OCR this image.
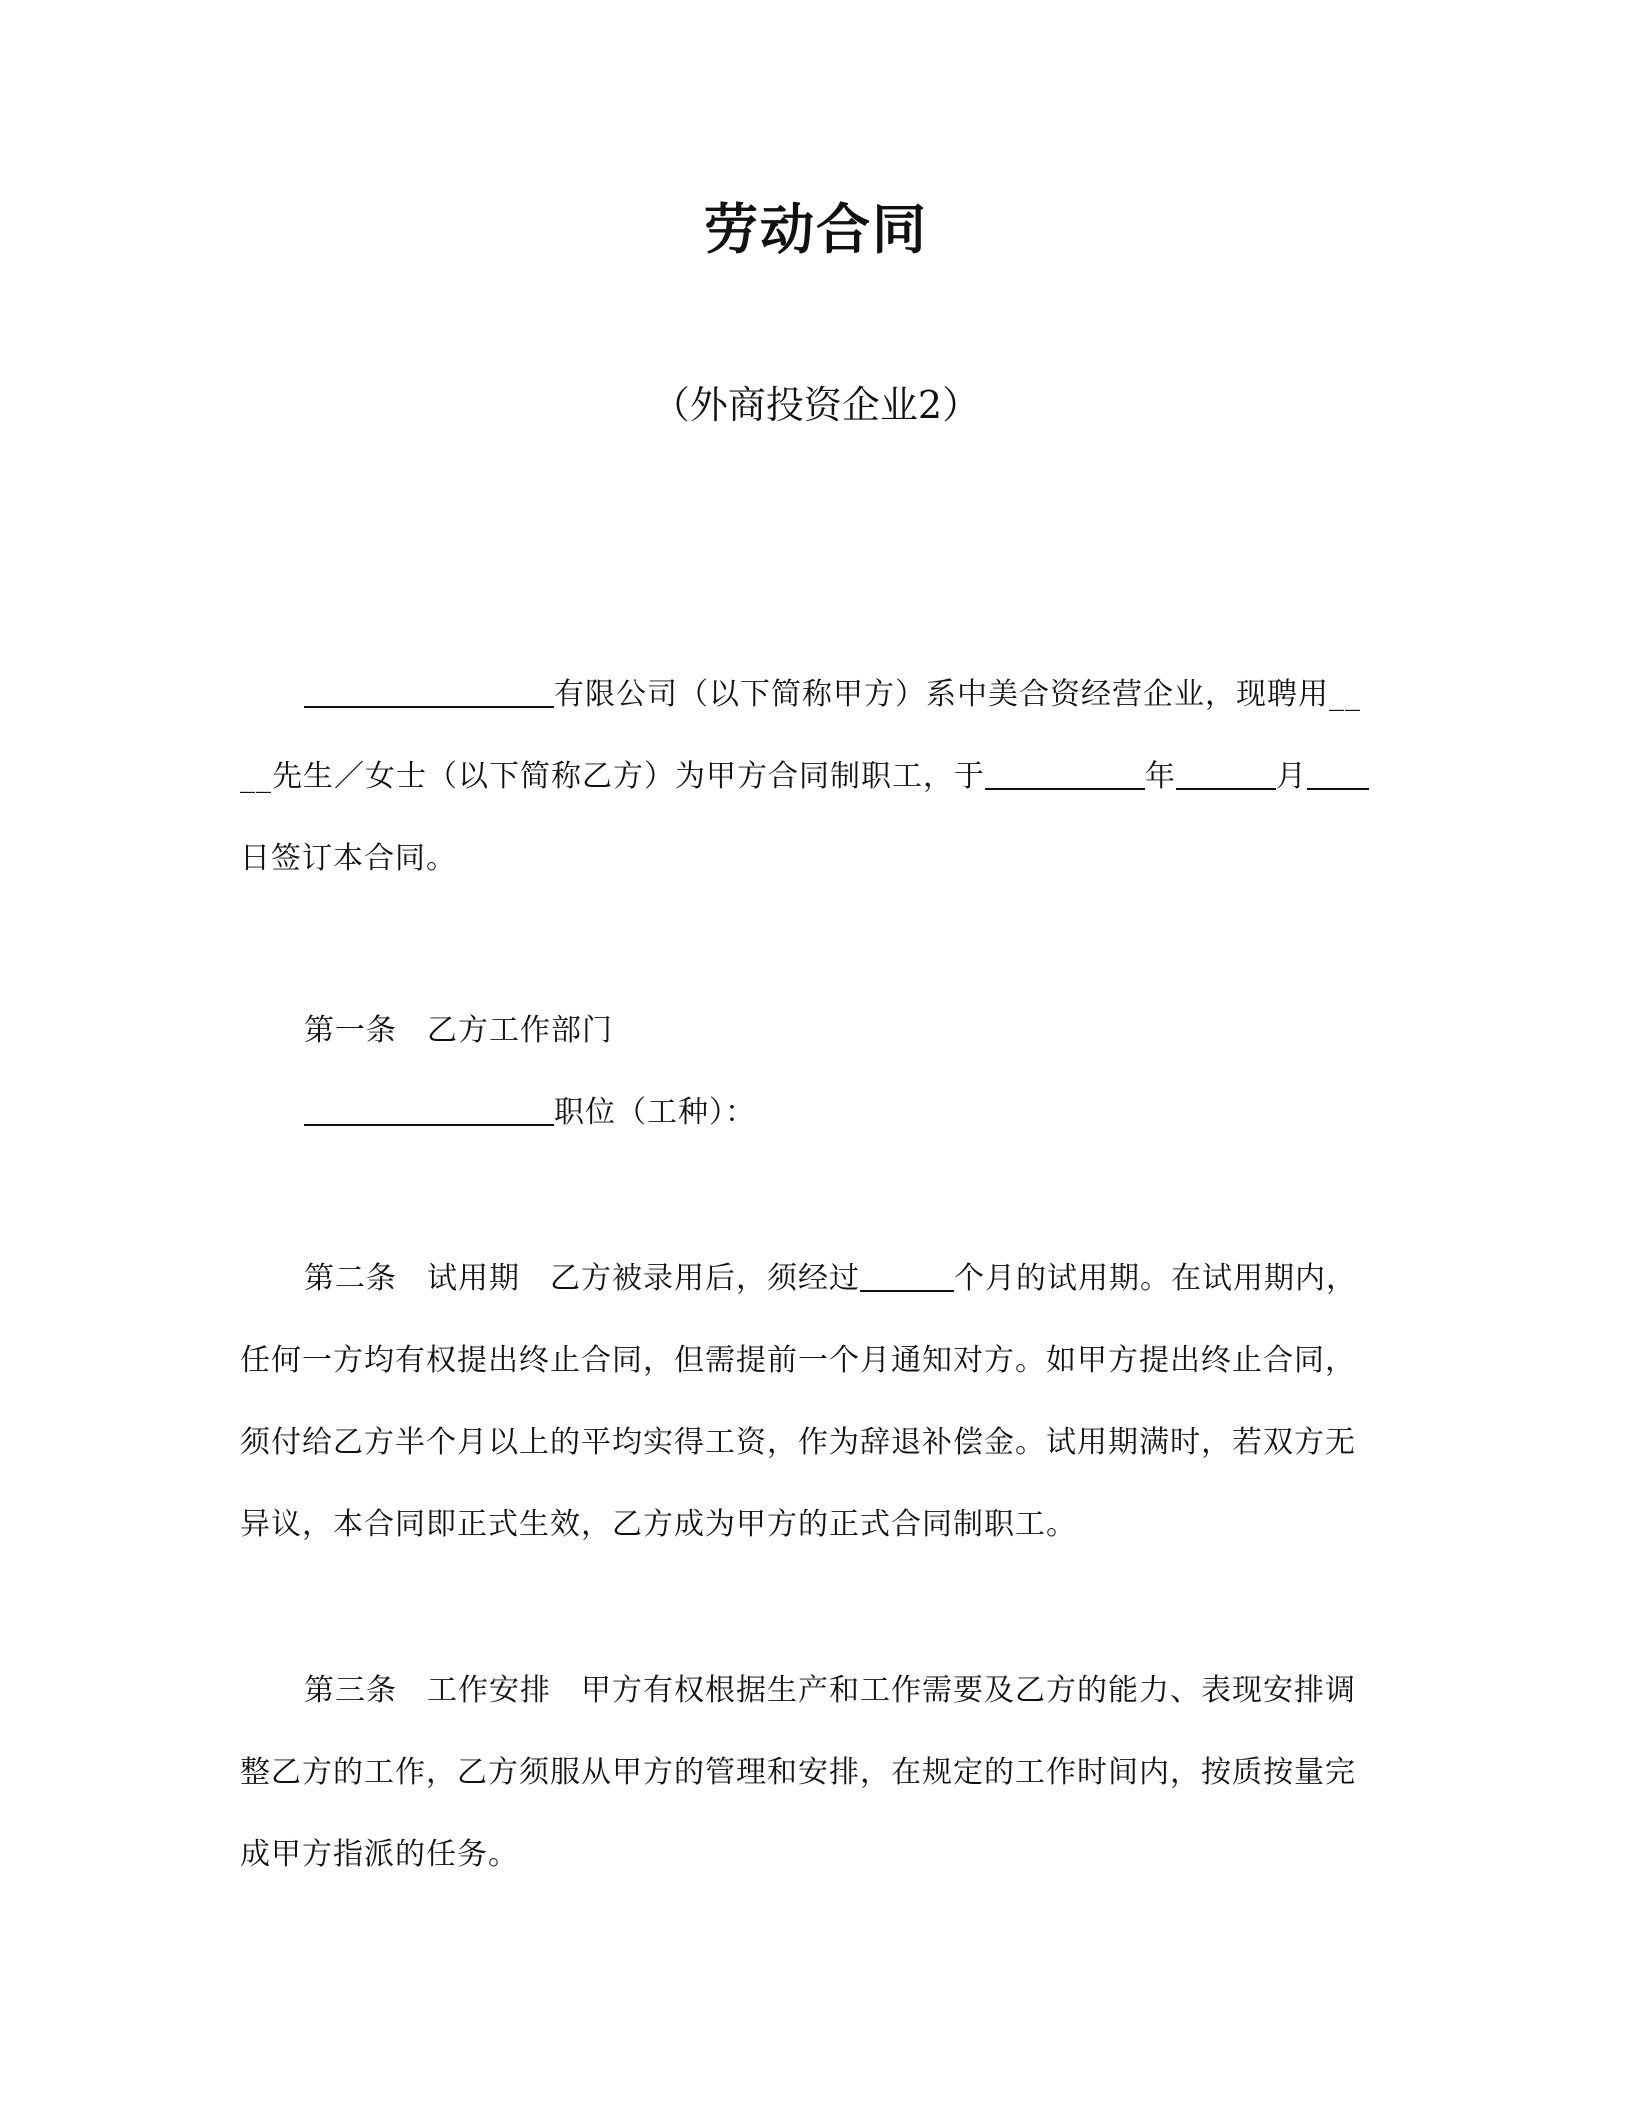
劳动合同
（外商投资企业2）
有限公司（以下简称甲方）系中美合资经营企业，现聘用__
__先生／女士（以下简称乙方）为甲方合同制职工，于	年	月
日签订本合同。
第一条 乙方工作部门
职位（工种）：
第二条 试用期 乙方被录用后，须经过	个月的试用期。在试用期内，
任何一方均有权提出终止合同，但需提前一个月通知对方。如甲方提出终止合同，
须付给乙方半个月以上的平均实得工资，作为辞退补偿金。试用期满时，若双方无
异议，本合同即正式生效，乙方成为甲方的正式合同制职工。
第三条 工作安排 甲方有权根据生产和工作需要及乙方的能力、表现安排调
整乙方的工作，乙方须服从甲方的管理和安排，在规定的工作时间内，按质按量完
成甲方指派的任务。
